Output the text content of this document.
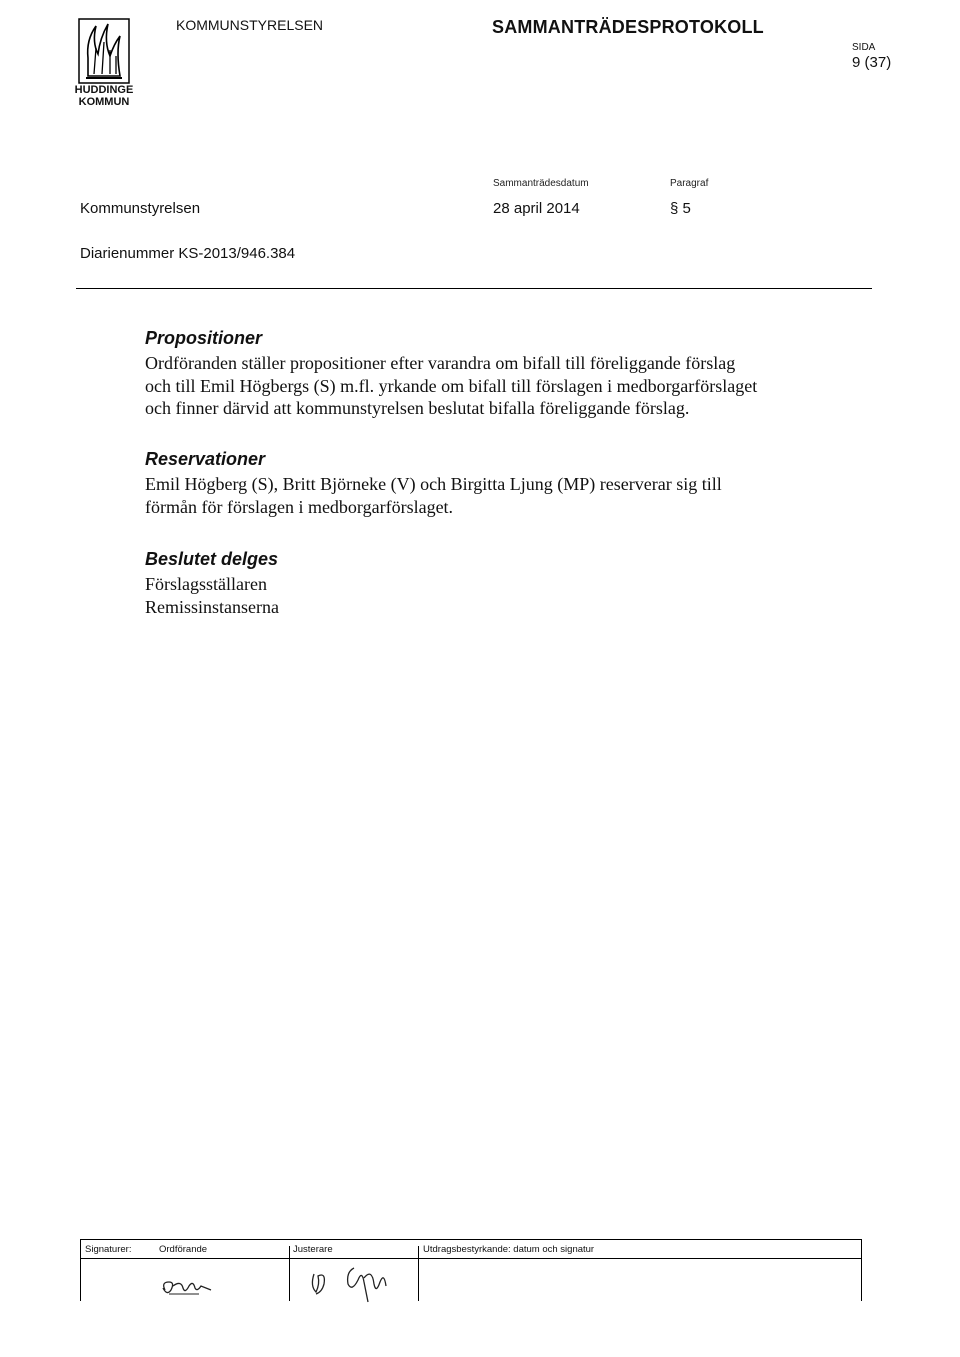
HUDDINGE
KOMMUN
KOMMUNSTYRELSEN	SAMMANTRÄDESPROTOKOLL
SIDA
9 (37)
Sammanträdesdatum	Paragraf
Kommunstyrelsen	28 april 2014	§ 5
Diarienummer KS-2013/946.384
Propositioner

Ordföranden ställer propositioner efter varandra om bifall till föreliggande förslag

och till Emil Högbergs (S) m.fl. yrkande om bifall till förslagen i medborgarförslaget

och finner därvid att kommunstyrelsen beslutat bifalla föreliggande förslag.

Reservationer

Emil Högberg (S), Britt Björneke (V) och Birgitta Ljung (MP) reserverar sig till

förmån för förslagen i medborgarförslaget.

Beslutet delges

Förslagsställaren

Remissinstanserna

Signaturer:	Ordförande	Justerare	Utdragsbestyrkande: datum och signatur
